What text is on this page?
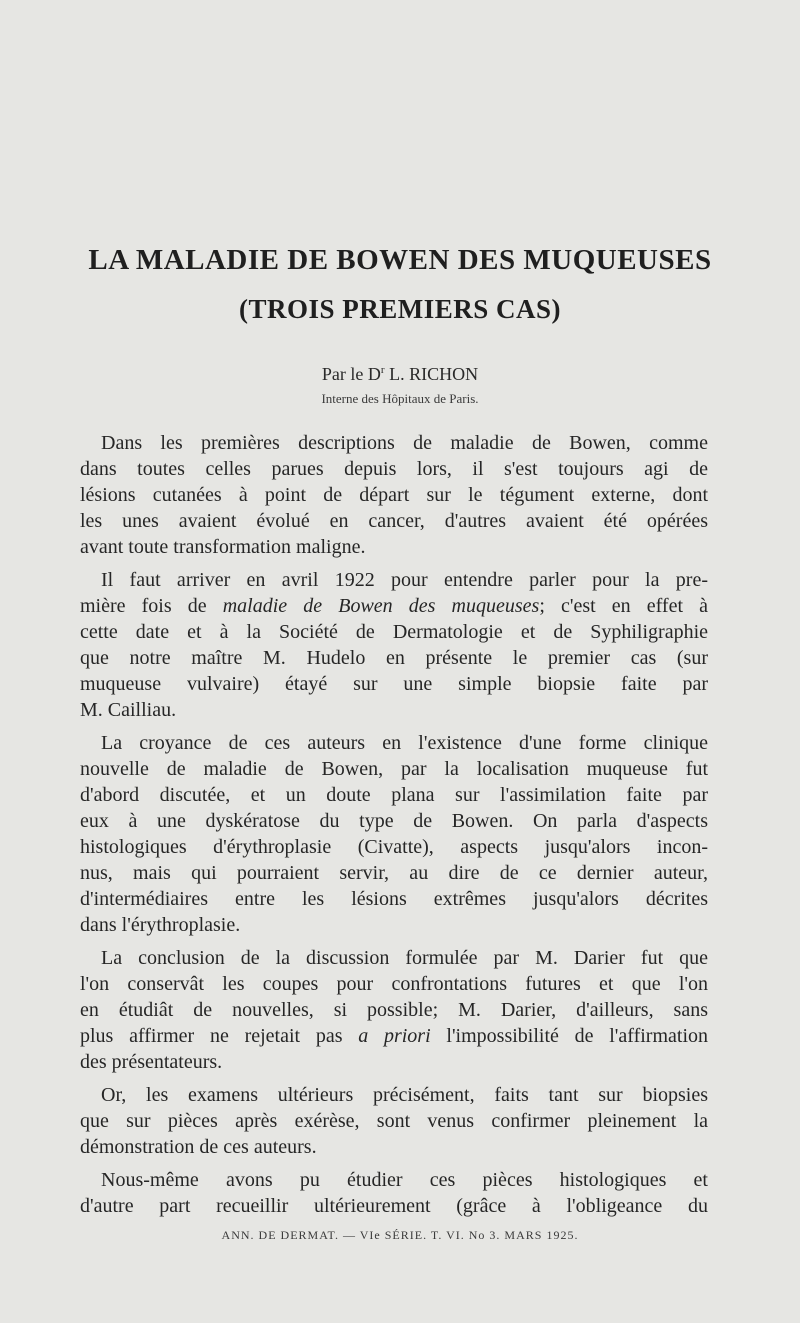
LA MALADIE DE BOWEN DES MUQUEUSES
(TROIS PREMIERS CAS)
Par le $D^r$ L. RICHON
Interne des Hôpitaux de Paris.
Dans les premières descriptions de maladie de Bowen, comme
dans toutes celles parues depuis lors, il s'est toujours agi de
lésions cutanées à point de départ sur le tégument externe, dont
les unes avaient évolué en cancer, d'autres avaient été opérées
avant toute transformation maligne.
Il faut arriver en avril 1922 pour entendre parler pour la pre-
mière fois de maladie de Bowen des muqueuses; c'est en effet à
cette date et à la Société de Dermatologie et de Syphiligraphie
que notre maître M. Hudelo en présente le premier cas (sur
muqueuse vulvaire) étayé sur une simple biopsie faite par
M. Cailliau.
La croyance de ces auteurs en l'existence d'une forme clinique
nouvelle de maladie de Bowen, par la localisation muqueuse fut
d'abord discutée, et un doute plana sur l'assimilation faite par
eux à une dyskératose du type de Bowen. On parla d'aspects
histologiques d'érythroplasie (Civatte), aspects jusqu'alors incon-
nus, mais qui pourraient servir, au dire de ce dernier auteur,
d'intermédiaires entre les lésions extrêmes jusqu'alors décrites
dans l'érythroplasie.
La conclusion de la discussion formulée par M. Darier fut que
l'on conservât les coupes pour confrontations futures et que l'on
en étudiât de nouvelles, si possible; M. Darier, d'ailleurs, sans
plus affirmer ne rejetait pas a priori l'impossibilité de l'affirmation
des présentateurs.
Or, les examens ultérieurs précisément, faits tant sur biopsies
que sur pièces après exérèse, sont venus confirmer pleinement la
démonstration de ces auteurs.
Nous-même avons pu étudier ces pièces histologiques et
d'autre part recueillir ultérieurement (grâce à l'obligeance du
ANN. DE DERMAT. — VIe SÉRIE. T. VI. No 3. MARS 1925.
